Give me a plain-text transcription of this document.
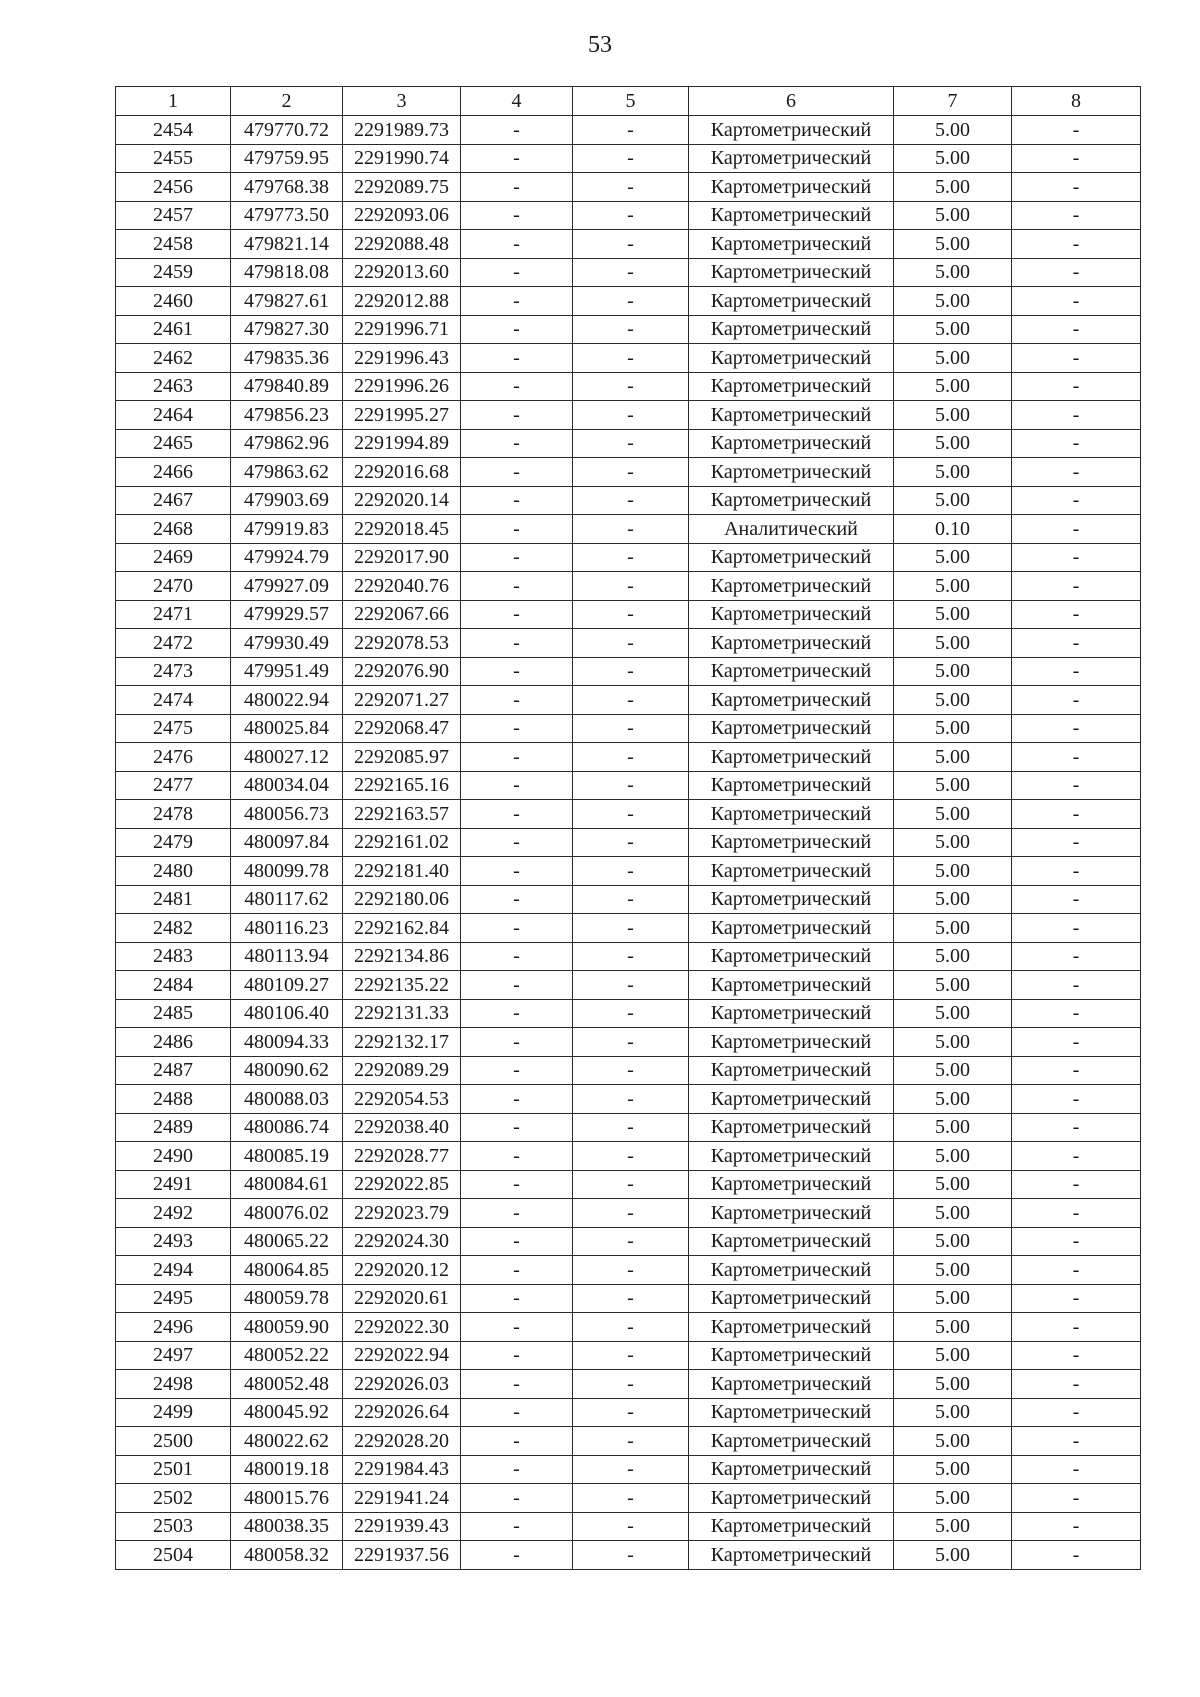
53
1	2	3	4	5	6	7	8
2454	479770.72	2291989.73	-	-	Картометрический	5.00	-
2455	479759.95	2291990.74	-	-	Картометрический	5.00	-
2456	479768.38	2292089.75	-	-	Картометрический	5.00	-
2457	479773.50	2292093.06	-	-	Картометрический	5.00	-
2458	479821.14	2292088.48	-	-	Картометрический	5.00	-
2459	479818.08	2292013.60	-	-	Картометрический	5.00	-
2460	479827.61	2292012.88	-	-	Картометрический	5.00	-
2461	479827.30	2291996.71	-	-	Картометрический	5.00	-
2462	479835.36	2291996.43	-	-	Картометрический	5.00	-
2463	479840.89	2291996.26	-	-	Картометрический	5.00	-
2464	479856.23	2291995.27	-	-	Картометрический	5.00	-
2465	479862.96	2291994.89	-	-	Картометрический	5.00	-
2466	479863.62	2292016.68	-	-	Картометрический	5.00	-
2467	479903.69	2292020.14	-	-	Картометрический	5.00	-
2468	479919.83	2292018.45	-	-	Аналитический	0.10	-
2469	479924.79	2292017.90	-	-	Картометрический	5.00	-
2470	479927.09	2292040.76	-	-	Картометрический	5.00	-
2471	479929.57	2292067.66	-	-	Картометрический	5.00	-
2472	479930.49	2292078.53	-	-	Картометрический	5.00	-
2473	479951.49	2292076.90	-	-	Картометрический	5.00	-
2474	480022.94	2292071.27	-	-	Картометрический	5.00	-
2475	480025.84	2292068.47	-	-	Картометрический	5.00	-
2476	480027.12	2292085.97	-	-	Картометрический	5.00	-
2477	480034.04	2292165.16	-	-	Картометрический	5.00	-
2478	480056.73	2292163.57	-	-	Картометрический	5.00	-
2479	480097.84	2292161.02	-	-	Картометрический	5.00	-
2480	480099.78	2292181.40	-	-	Картометрический	5.00	-
2481	480117.62	2292180.06	-	-	Картометрический	5.00	-
2482	480116.23	2292162.84	-	-	Картометрический	5.00	-
2483	480113.94	2292134.86	-	-	Картометрический	5.00	-
2484	480109.27	2292135.22	-	-	Картометрический	5.00	-
2485	480106.40	2292131.33	-	-	Картометрический	5.00	-
2486	480094.33	2292132.17	-	-	Картометрический	5.00	-
2487	480090.62	2292089.29	-	-	Картометрический	5.00	-
2488	480088.03	2292054.53	-	-	Картометрический	5.00	-
2489	480086.74	2292038.40	-	-	Картометрический	5.00	-
2490	480085.19	2292028.77	-	-	Картометрический	5.00	-
2491	480084.61	2292022.85	-	-	Картометрический	5.00	-
2492	480076.02	2292023.79	-	-	Картометрический	5.00	-
2493	480065.22	2292024.30	-	-	Картометрический	5.00	-
2494	480064.85	2292020.12	-	-	Картометрический	5.00	-
2495	480059.78	2292020.61	-	-	Картометрический	5.00	-
2496	480059.90	2292022.30	-	-	Картометрический	5.00	-
2497	480052.22	2292022.94	-	-	Картометрический	5.00	-
2498	480052.48	2292026.03	-	-	Картометрический	5.00	-
2499	480045.92	2292026.64	-	-	Картометрический	5.00	-
2500	480022.62	2292028.20	-	-	Картометрический	5.00	-
2501	480019.18	2291984.43	-	-	Картометрический	5.00	-
2502	480015.76	2291941.24	-	-	Картометрический	5.00	-
2503	480038.35	2291939.43	-	-	Картометрический	5.00	-
2504	480058.32	2291937.56	-	-	Картометрический	5.00	-
